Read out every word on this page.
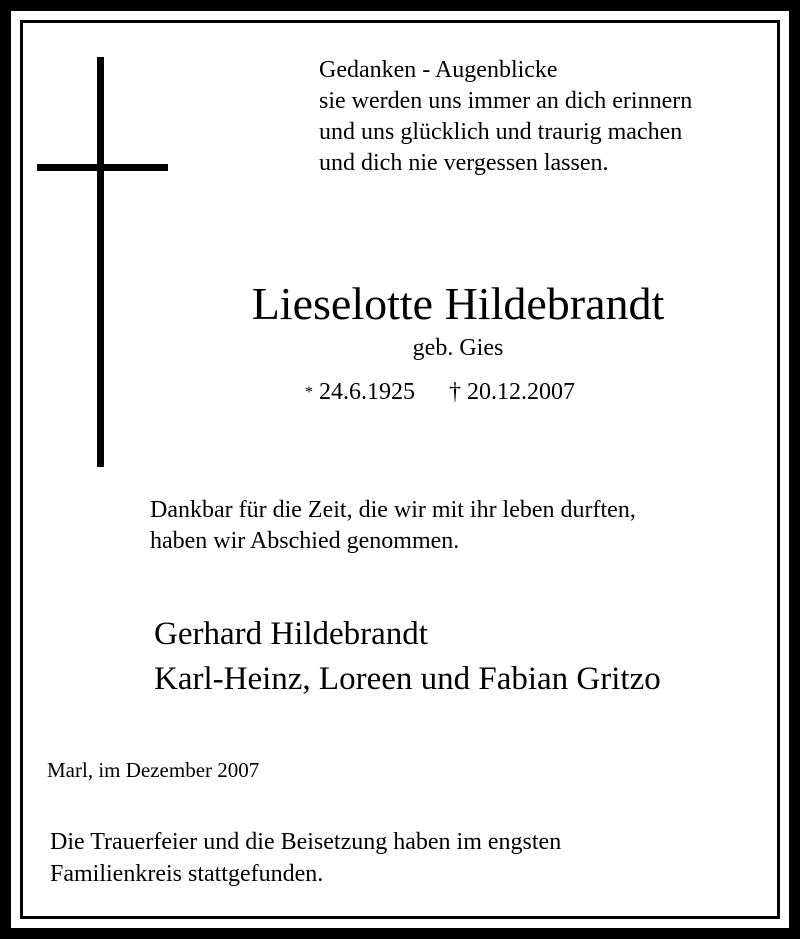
Gedanken - Augenblicke
sie werden uns immer an dich erinnern
und uns glücklich und traurig machen
und dich nie vergessen lassen.
Lieselotte Hildebrandt
geb. Gies
* 24.6.1925 † 20.12.2007
Dankbar für die Zeit, die wir mit ihr leben durften,
haben wir Abschied genommen.
Gerhard Hildebrandt
Karl-Heinz, Loreen und Fabian Gritzo
Marl, im Dezember 2007
Die Trauerfeier und die Beisetzung haben im engsten
Familienkreis stattgefunden.
